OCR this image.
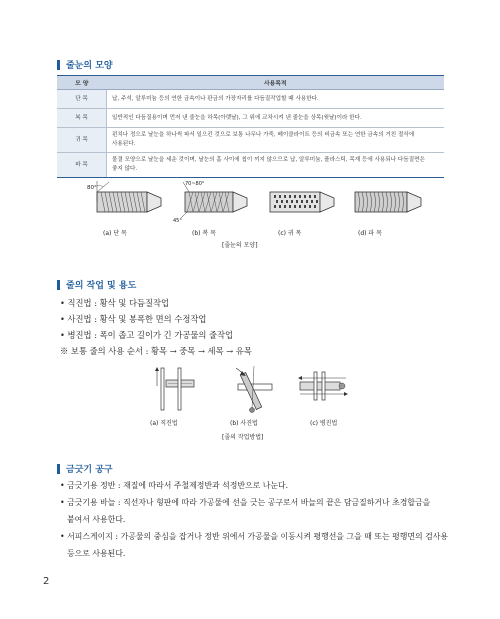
줄눈의 모양
모 양	사용목적
단 목	납, 주석, 알루미늄 등의 연한 금속이나 판금의 가장자리를 다듬질작업할 때 사용한다.
복 목	일반적인 다듬질용이며 먼저 낸 줄눈을 하목(아랫날), 그 위에 교차시켜 낸 줄눈을 상목(윗날)이라 한다.
귀 목	펀치나 정으로 날눈을 하나씩 파서 일으킨 것으로 보통 나무나 가죽, 베이클라이트 등의 비금속 또는 연한 금속의 거친 절삭에
사용된다.

파 목	물결 모양으로 날눈을 세운 것이며, 날눈의 홈 사이에 칩이 끼지 않으므로 납, 알루미늄, 플라스틱, 목재 등에 사용되나 다듬질면은
좋지 않다.
80°
70~80°
45°
(a) 단 목	(b) 복 목	(c) 귀 목	(d) 파 목
[줄눈의 모양]
줄의 작업 및 용도
• 직진법 : 황삭 및 다듬질작업
• 사진법 : 황삭 및 봉폭한 면의 수정작업
• 병진법 : 폭이 좁고 길이가 긴 가공물의 줄작업
※ 보통 줄의 사용 순서 : 황목 → 중목 → 세목 → 유목
(a) 직진법	(b) 사진법	(c) 병진법
[줄의 작업방법]
금긋기 공구
• 금긋기용 정반 : 재질에 따라서 주철제정반과 석정반으로 나눈다.
• 금긋기용 바늘 : 직선자나 형판에 따라 가공물에 선을 긋는 공구로서 바늘의 끝은 담금질하거나 초경합금을
붙여서 사용한다.
• 서피스게이지 : 가공물의 중심을 잡거나 정반 위에서 가공물을 이동시켜 평행선을 그을 때 또는 평행면의 검사용
등으로 사용된다.
2
